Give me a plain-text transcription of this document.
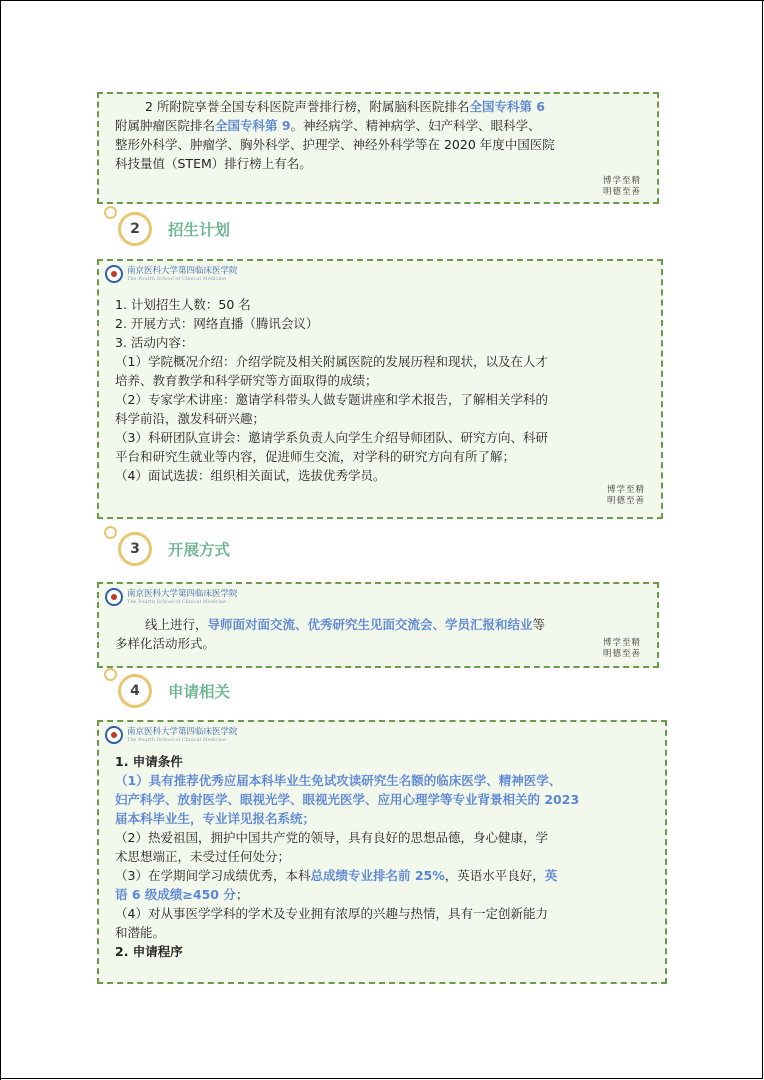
2 所附院享誉全国专科医院声誉排行榜，附属脑科医院排名全国专科第 6

附属肿瘤医院排名全国专科第 9。神经病学、精神病学、妇产科学、眼科学、

整形外科学、肿瘤学、胸外科学、护理学、神经外科学等在 2020 年度中国医院

科技量值（STEM）排行榜上有名。

博学至精
明德至善
2	招生计划
南京医科大学第四临床医学院
The Fourth School of Clinical Medicine

1. 计划招生人数：50 名

2. 开展方式：网络直播（腾讯会议）

3. 活动内容：

（1）学院概况介绍：介绍学院及相关附属医院的发展历程和现状，以及在人才

培养、教育教学和科学研究等方面取得的成绩；

（2）专家学术讲座：邀请学科带头人做专题讲座和学术报告，了解相关学科的

科学前沿，激发科研兴趣；

（3）科研团队宣讲会：邀请学系负责人向学生介绍导师团队、研究方向、科研

平台和研究生就业等内容，促进师生交流，对学科的研究方向有所了解；

（4）面试选拔：组织相关面试，选拔优秀学员。

博学至精
明德至善
3	开展方式
南京医科大学第四临床医学院
The Fourth School of Clinical Medicine

线上进行，导师面对面交流、优秀研究生见面交流会、学员汇报和结业等

多样化活动形式。	博学至精
明德至善
4	申请相关
南京医科大学第四临床医学院
The Fourth School of Clinical Medicine

1. 申请条件

（1）具有推荐优秀应届本科毕业生免试攻读研究生名额的临床医学、精神医学、

妇产科学、放射医学、眼视光学、眼视光医学、应用心理学等专业背景相关的 2023

届本科毕业生，专业详见报名系统；

（2）热爱祖国，拥护中国共产党的领导，具有良好的思想品德，身心健康，学

术思想端正，未受过任何处分；

（3）在学期间学习成绩优秀，本科总成绩专业排名前 25%，英语水平良好，英

语 6 级成绩≥450 分；

（4）对从事医学学科的学术及专业拥有浓厚的兴趣与热情，具有一定创新能力

和潜能。

2. 申请程序
